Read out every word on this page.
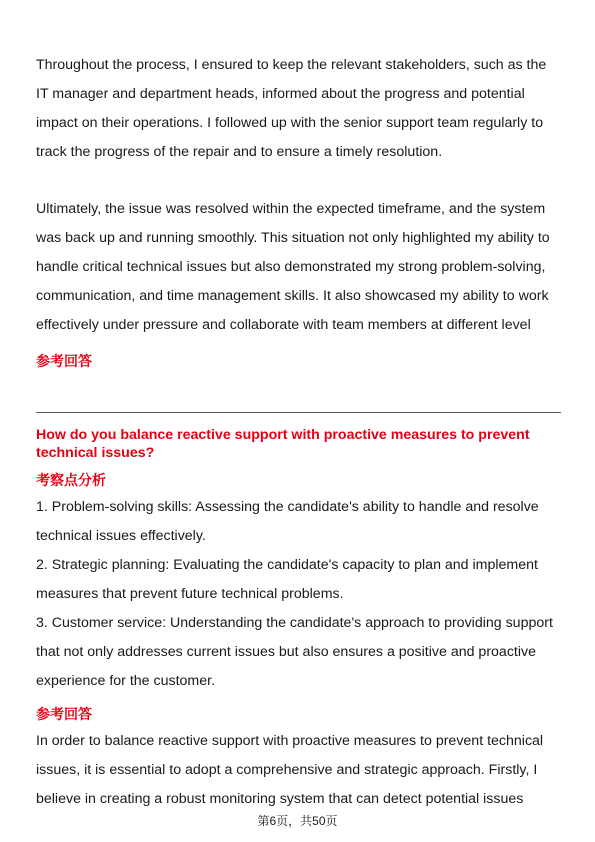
Throughout the process, I ensured to keep the relevant stakeholders, such as the IT manager and department heads, informed about the progress and potential impact on their operations. I followed up with the senior support team regularly to track the progress of the repair and to ensure a timely resolution.

Ultimately, the issue was resolved within the expected timeframe, and the system was back up and running smoothly. This situation not only highlighted my ability to handle critical technical issues but also demonstrated my strong problem-solving, communication, and time management skills. It also showcased my ability to work effectively under pressure and collaborate with team members at different level

参考回答

How do you balance reactive support with proactive measures to prevent technical issues?

考察点分析

1. Problem-solving skills: Assessing the candidate's ability to handle and resolve technical issues effectively.

2. Strategic planning: Evaluating the candidate's capacity to plan and implement measures that prevent future technical problems.

3. Customer service: Understanding the candidate's approach to providing support that not only addresses current issues but also ensures a positive and proactive experience for the customer.

参考回答

In order to balance reactive support with proactive measures to prevent technical issues, it is essential to adopt a comprehensive and strategic approach. Firstly, I believe in creating a robust monitoring system that can detect potential issues

第6页，共50页
